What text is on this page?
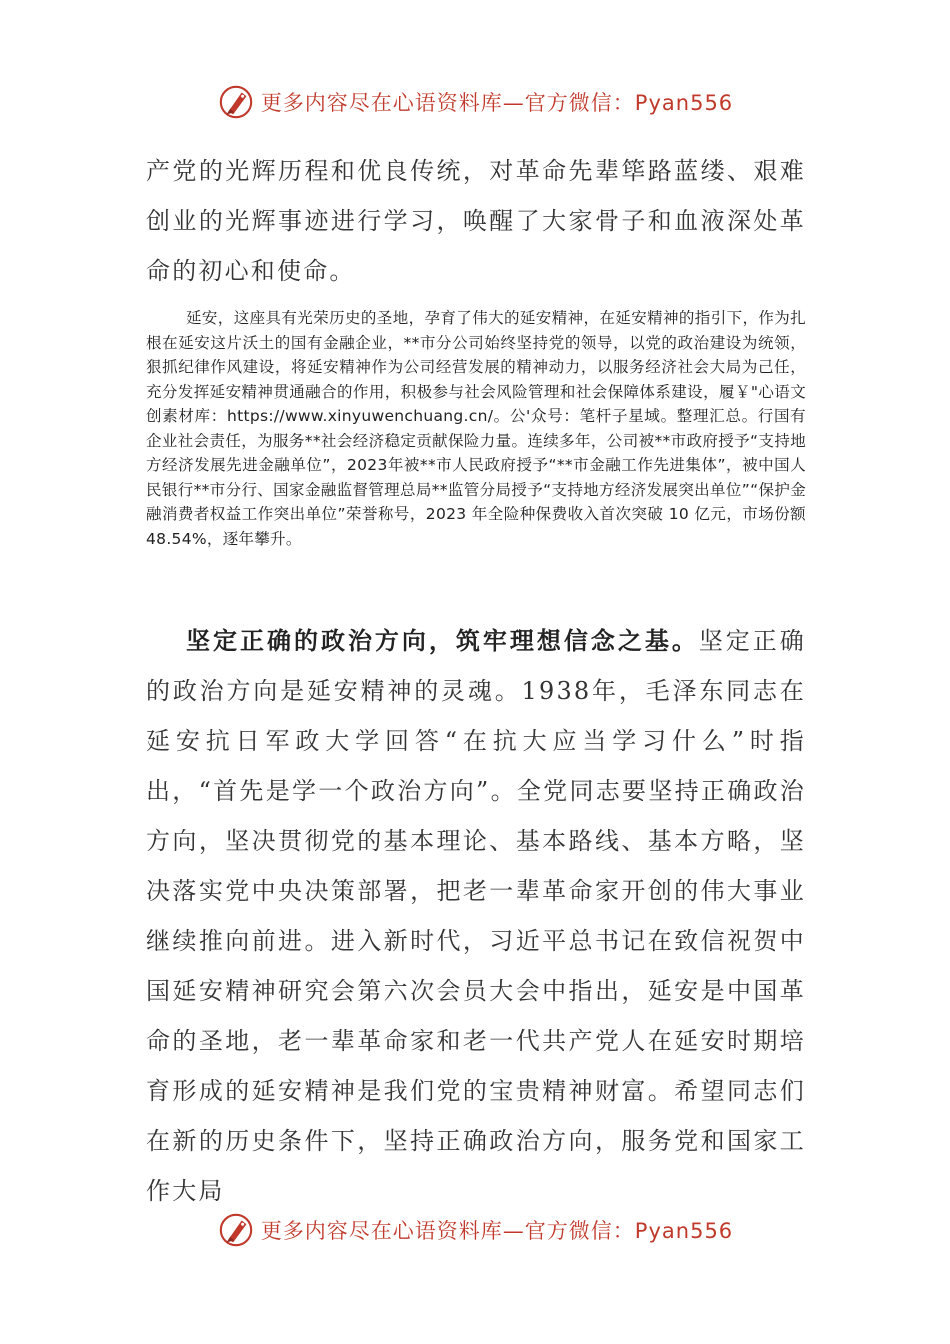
更多内容尽在心语资料库—官方微信：Pyan556

产党的光辉历程和优良传统，对革命先辈筚路蓝缕、艰难创业的光辉事迹进行学习，唤醒了大家骨子和血液深处革命的初心和使命。

延安，这座具有光荣历史的圣地，孕育了伟大的延安精神，在延安精神的指引下，作为扎根在延安这片沃土的国有金融企业，**市分公司始终坚持党的领导，以党的政治建设为统领，狠抓纪律作风建设，将延安精神作为公司经营发展的精神动力，以服务经济社会大局为己任，充分发挥延安精神贯通融合的作用，积极参与社会风险管理和社会保障体系建设，履￥"心语文创素材库：https://www.xinyuwenchuang.cn/。公'众号：笔杆子星域。整理汇总。行国有企业社会责任，为服务**社会经济稳定贡献保险力量。连续多年，公司被**市政府授予“支持地方经济发展先进金融单位”，2023年被**市人民政府授予“**市金融工作先进集体”，被中国人民银行**市分行、国家金融监督管理总局**监管分局授予“支持地方经济发展突出单位”“保护金融消费者权益工作突出单位”荣誉称号，2023 年全险种保费收入首次突破 10 亿元，市场份额48.54%，逐年攀升。

坚定正确的政治方向，筑牢理想信念之基。坚定正确的政治方向是延安精神的灵魂。1938年，毛泽东同志在延安抗日军政大学回答“在抗大应当学习什么”时指出，“首先是学一个政治方向”。全党同志要坚持正确政治方向，坚决贯彻党的基本理论、基本路线、基本方略，坚决落实党中央决策部署，把老一辈革命家开创的伟大事业继续推向前进。进入新时代，习近平总书记在致信祝贺中国延安精神研究会第六次会员大会中指出，延安是中国革命的圣地，老一辈革命家和老一代共产党人在延安时期培育形成的延安精神是我们党的宝贵精神财富。希望同志们在新的历史条件下，坚持正确政治方向，服务党和国家工作大局

更多内容尽在心语资料库—官方微信：Pyan556
